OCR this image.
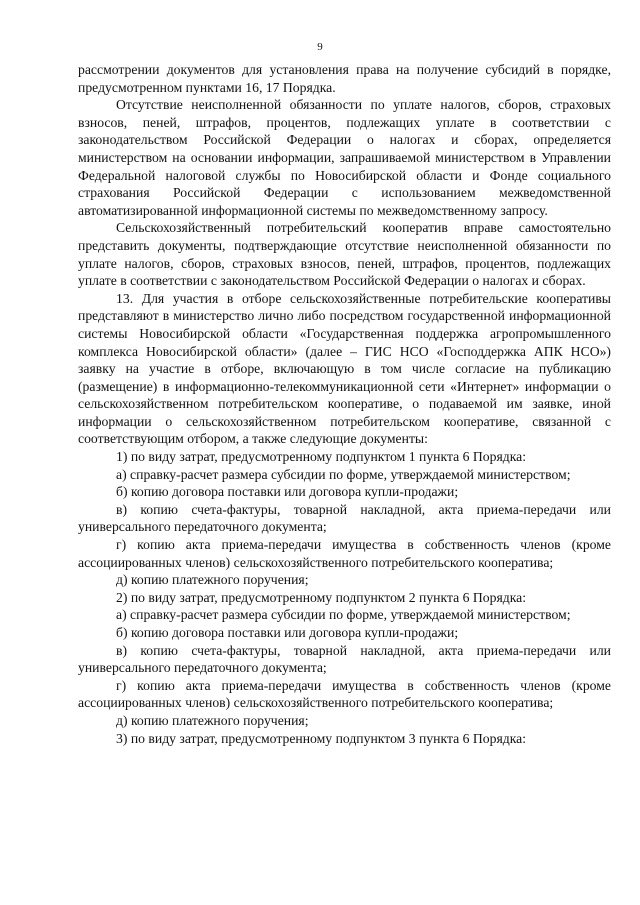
9

рассмотрении документов для установления права на получение субсидий в порядке, предусмотренном пунктами 16, 17 Порядка.

Отсутствие неисполненной обязанности по уплате налогов, сборов, страховых взносов, пеней, штрафов, процентов, подлежащих уплате в соответствии с законодательством Российской Федерации о налогах и сборах, определяется министерством на основании информации, запрашиваемой министерством в Управлении Федеральной налоговой службы по Новосибирской области и Фонде социального страхования Российской Федерации с использованием межведомственной автоматизированной информационной системы по межведомственному запросу.

Сельскохозяйственный потребительский кооператив вправе самостоятельно представить документы, подтверждающие отсутствие неисполненной обязанности по уплате налогов, сборов, страховых взносов, пеней, штрафов, процентов, подлежащих уплате в соответствии с законодательством Российской Федерации о налогах и сборах.

13. Для участия в отборе сельскохозяйственные потребительские кооперативы представляют в министерство лично либо посредством государственной информационной системы Новосибирской области «Государственная поддержка агропромышленного комплекса Новосибирской области» (далее – ГИС НСО «Господдержка АПК НСО») заявку на участие в отборе, включающую в том числе согласие на публикацию (размещение) в информационно-телекоммуникационной сети «Интернет» информации о сельскохозяйственном потребительском кооперативе, о подаваемой им заявке, иной информации о сельскохозяйственном потребительском кооперативе, связанной с соответствующим отбором, а также следующие документы:

1) по виду затрат, предусмотренному подпунктом 1 пункта 6 Порядка:

а) справку-расчет размера субсидии по форме, утверждаемой министерством;

б) копию договора поставки или договора купли-продажи;

в) копию счета-фактуры, товарной накладной, акта приема-передачи или универсального передаточного документа;

г) копию акта приема-передачи имущества в собственность членов (кроме ассоциированных членов) сельскохозяйственного потребительского кооператива;

д) копию платежного поручения;

2) по виду затрат, предусмотренному подпунктом 2 пункта 6 Порядка:

а) справку-расчет размера субсидии по форме, утверждаемой министерством;

б) копию договора поставки или договора купли-продажи;

в) копию счета-фактуры, товарной накладной, акта приема-передачи или универсального передаточного документа;

г) копию акта приема-передачи имущества в собственность членов (кроме ассоциированных членов) сельскохозяйственного потребительского кооператива;

д) копию платежного поручения;

3) по виду затрат, предусмотренному подпунктом 3 пункта 6 Порядка:
